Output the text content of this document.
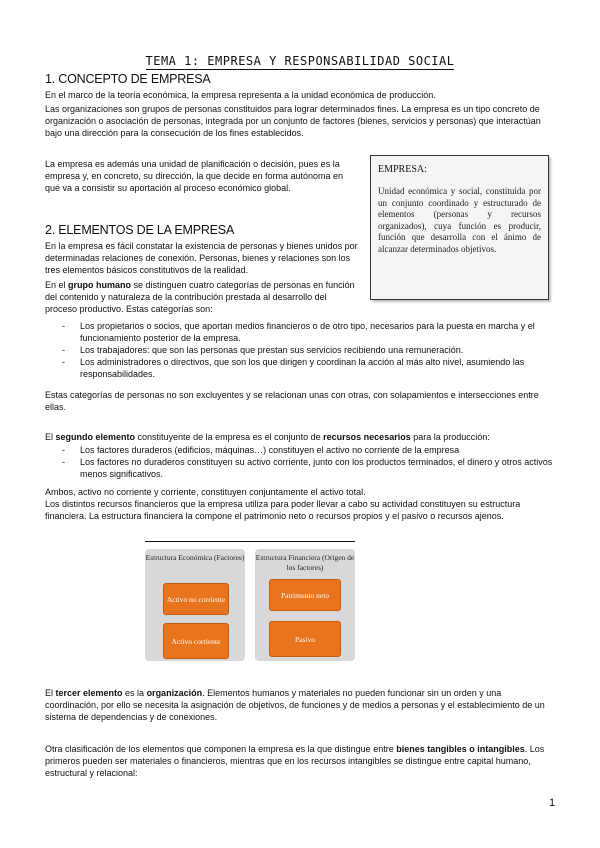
TEMA 1: EMPRESA Y RESPONSABILIDAD SOCIAL
1. CONCEPTO DE EMPRESA

En el marco de la teoría económica, la empresa representa a la unidad económica de producción.

Las organizaciones son grupos de personas constituidos para lograr determinados fines. La empresa es un tipo concreto de organización o asociación de personas, integrada por un conjunto de factores (bienes, servicios y personas) que interactúan bajo una dirección para la consecución de los fines establecidos.

La empresa es además una unidad de planificación o decisión, pues es la empresa y, en concreto, su dirección, la que decide en forma autónoma en qué va a consistir su aportación al proceso económico global.

EMPRESA:
Unidad económica y social, constituida por un conjunto coordinado y estructurado de elementos (personas y recursos organizados), cuya función es producir, función que desarrolla con el ánimo de alcanzar determinados objetivos.
2. ELEMENTOS DE LA EMPRESA

En la empresa es fácil constatar la existencia de personas y bienes unidos por determinadas relaciones de conexión. Personas, bienes y relaciones son los tres elementos básicos constitutivos de la realidad.

En el grupo humano se distinguen cuatro categorías de personas en función del contenido y naturaleza de la contribución prestada al desarrollo del proceso productivo. Estas categorías son:

- Los propietarios o socios, que aportan medios financieros o de otro tipo, necesarios para la puesta en marcha y el funcionamiento posterior de la empresa.
- Los trabajadores: que son las personas que prestan sus servicios recibiendo una remuneración.
- Los administradores o directivos, que son los que dirigen y coordinan la acción al más alto nivel, asumiendo las responsabilidades.

Estas categorías de personas no son excluyentes y se relacionan unas con otras, con solapamientos e intersecciones entre ellas.

El segundo elemento constituyente de la empresa es el conjunto de recursos necesarios para la producción:

- Los factores duraderos (edificios, máquinas…) constituyen el activo no corriente de la empresa
- Los factores no duraderos constituyen su activo corriente, junto con los productos terminados, el dinero y otros activos menos significativos.

Ambos, activo no corriente y corriente, constituyen conjuntamente el activo total.

Los distintos recursos financieros que la empresa utiliza para poder llevar a cabo su actividad constituyen su estructura financiera. La estructura financiera la compone el patrimonio neto o recursos propios y el pasivo o recursos ajenos.

Estructura Económica (Factores)
Activo no corriente
Activo corriente
Estructura Financiera (Origen de los factores)
Patrimonio neto
Pasivo

El tercer elemento es la organización. Elementos humanos y materiales no pueden funcionar sin un orden y una coordinación, por ello se necesita la asignación de objetivos, de funciones y de medios a personas y el establecimiento de un sistema de dependencias y de conexiones.

Otra clasificación de los elementos que componen la empresa es la que distingue entre bienes tangibles o intangibles. Los primeros pueden ser materiales o financieros, mientras que en los recursos intangibles se distingue entre capital humano, estructural y relacional:

1
